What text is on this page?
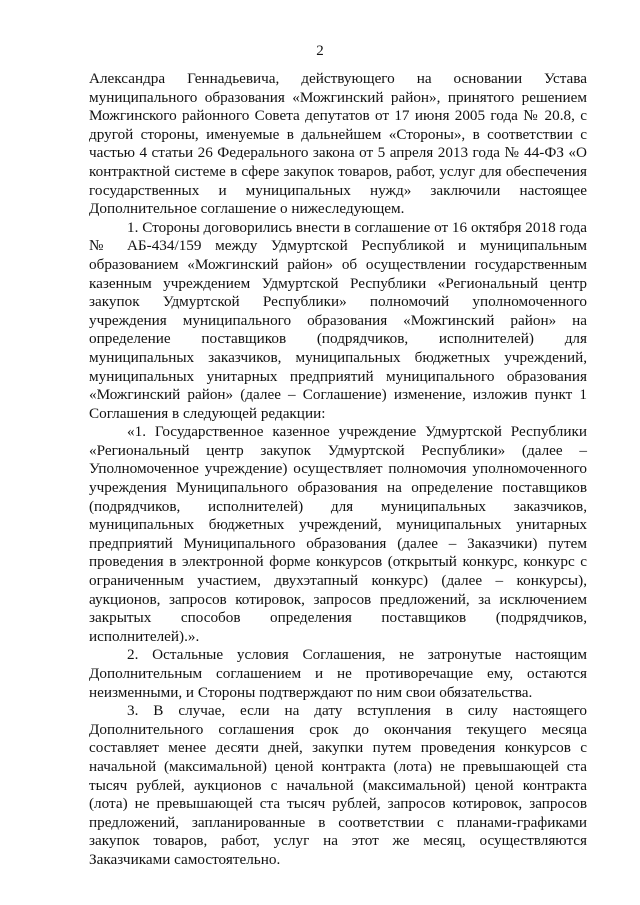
2

Александра Геннадьевича, действующего на основании Устава муниципального образования «Можгинский район», принятого решением Можгинского районного Совета депутатов от 17 июня 2005 года № 20.8, с другой стороны, именуемые в дальнейшем «Стороны», в соответствии с частью 4 статьи 26 Федерального закона от 5 апреля 2013 года № 44-ФЗ «О контрактной системе в сфере закупок товаров, работ, услуг для обеспечения государственных и муниципальных нужд» заключили настоящее Дополнительное соглашение о нижеследующем.

1. Стороны договорились внести в соглашение от 16 октября 2018 года № АБ-434/159 между Удмуртской Республикой и муниципальным образованием «Можгинский район» об осуществлении государственным казенным учреждением Удмуртской Республики «Региональный центр закупок Удмуртской Республики» полномочий уполномоченного учреждения муниципального образования «Можгинский район» на определение поставщиков (подрядчиков, исполнителей) для муниципальных заказчиков, муниципальных бюджетных учреждений, муниципальных унитарных предприятий муниципального образования «Можгинский район» (далее – Соглашение) изменение, изложив пункт 1 Соглашения в следующей редакции:

«1. Государственное казенное учреждение Удмуртской Республики «Региональный центр закупок Удмуртской Республики» (далее – Уполномоченное учреждение) осуществляет полномочия уполномоченного учреждения Муниципального образования на определение поставщиков (подрядчиков, исполнителей) для муниципальных заказчиков, муниципальных бюджетных учреждений, муниципальных унитарных предприятий Муниципального образования (далее – Заказчики) путем проведения в электронной форме конкурсов (открытый конкурс, конкурс с ограниченным участием, двухэтапный конкурс) (далее – конкурсы), аукционов, запросов котировок, запросов предложений, за исключением закрытых способов определения поставщиков (подрядчиков, исполнителей).».

2. Остальные условия Соглашения, не затронутые настоящим Дополнительным соглашением и не противоречащие ему, остаются неизменными, и Стороны подтверждают по ним свои обязательства.

3. В случае, если на дату вступления в силу настоящего Дополнительного соглашения срок до окончания текущего месяца составляет менее десяти дней, закупки путем проведения конкурсов с начальной (максимальной) ценой контракта (лота) не превышающей ста тысяч рублей, аукционов с начальной (максимальной) ценой контракта (лота) не превышающей ста тысяч рублей, запросов котировок, запросов предложений, запланированные в соответствии с планами-графиками закупок товаров, работ, услуг на этот же месяц, осуществляются Заказчиками самостоятельно.
